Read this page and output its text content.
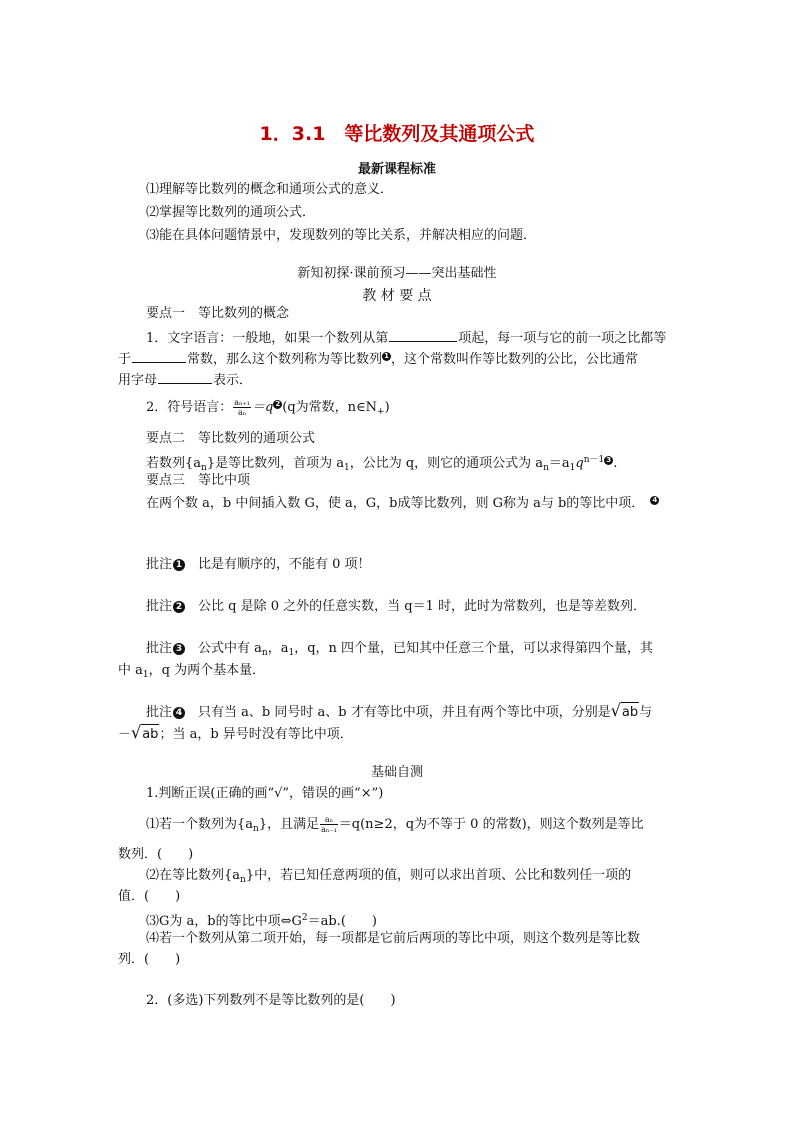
1．3.1　等比数列及其通项公式
最新课程标准
⑴理解等比数列的概念和通项公式的意义．
⑵掌握等比数列的通项公式．
⑶能在具体问题情景中，发现数列的等比关系，并解决相应的问题．
新知初探·课前预习——突出基础性
教 材 要 点
要点一　等比数列的概念
1．文字语言：一般地，如果一个数列从第	项起，每一项与它的前一项之比都等
于	常数，那么这个数列称为等比数列 1 ，这个常数叫作等比数列的公比，公比通常
用字母	表示．
2．符号语言： $\frac{\text{aₙ₊₁}}{\text{aₙ}} =q$ 2 (q为常数，$n\in N_+$)
要点二　等比数列的通项公式
若数列$\{a_n\}$是等比数列，首项为 $a_1$，公比为 q，则它的通项公式为 $a_n=a_1q^{n-1}$ 3 .
要点三　等比中项
在两个数 a，b 中间插入数 G，使 a，G，b成等比数列，则 G称为 a与 b的等比中项． 4
批注 1　比是有顺序的，不能有 0 项！
批注 2　公比 q 是除 0 之外的任意实数，当 q＝1 时，此时为常数列，也是等差数列．
批注 3　公式中有 $a_n$，$a_1$，q，n 四个量，已知其中任意三个量，可以求得第四个量，其
中 $a_1$，q 为两个基本量．
批注 4　只有当 a、b 同号时 a、b 才有等比中项，并且有两个等比中项，分别是√ab与
－√ab；当 a，b 异号时没有等比中项．
基础自测
1.判断正误(正确的画“√”，错误的画“×”)
⑴若一个数列为$\{a_n\}$，且满足 $\frac{\text{aₙ}}{\text{aₙ₋₁}} =q(n\ge 2$，q为不等于 0 的常数)，则这个数列是等比
数列．(　　)
⑵在等比数列$\{a_n\}$中，若已知任意两项的值，则可以求出首项、公比和数列任一项的
值．(　　)
⑶G为 a，b的等比中项$\Leftrightarrow G^2=ab$.(　　)
⑷若一个数列从第二项开始，每一项都是它前后两项的等比中项，则这个数列是等比数
列．(　　)
2．(多选)下列数列不是等比数列的是(　　)
